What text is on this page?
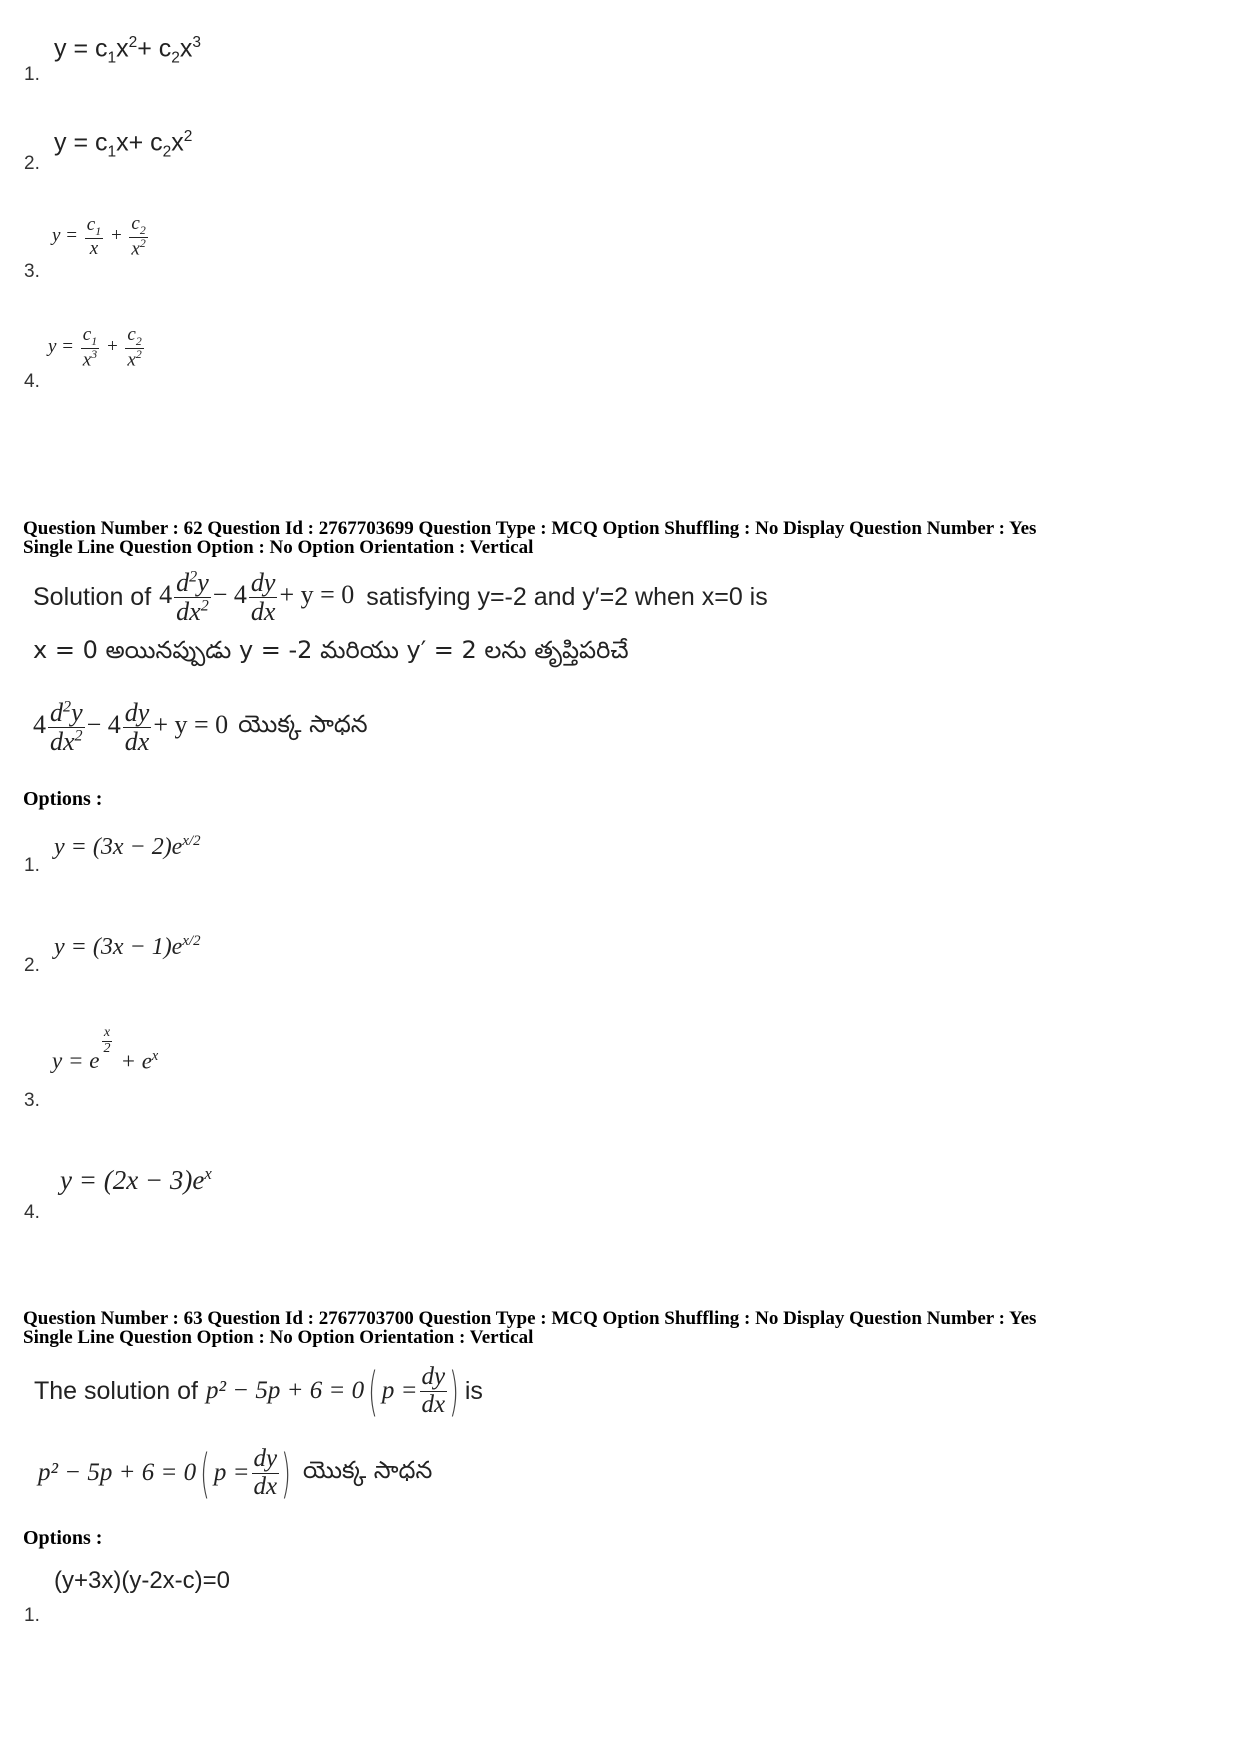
1.
$y = c_1x^2+ c_2x^3$
2.
$y = c_1x+ c_2x^2$
3.
$y = \frac{c_1}{x} + \frac{c_2}{x^2}$
4.
$y = \frac{c_1}{x^3} + \frac{c_2}{x^2}$
Question Number : 62 Question Id : 2767703699 Question Type : MCQ Option Shuffling : No Display Question Number : Yes
Single Line Question Option : No Option Orientation : Vertical
Solution of $4 \frac{d^2y}{dx^2} - 4 \frac{dy}{dx} + y = 0$ satisfying y=-2 and y′=2 when x=0 is
x = 0 అయినప్పుడు y = -2 మరియు y′ = 2 లను తృప్తిపరిచే
$4 \frac{d^2y}{dx^2} - 4 \frac{dy}{dx} + y = 0$ యొక్క సాధన
Options :
1.
$y = (3x - 2)e^{x/2}$
2.
$y = (3x - 1)e^{x/2}$
3.
y = e
$\frac{x}{2}$
+ $e^x$
4.
$y = (2x - 3)e^x$
Question Number : 63 Question Id : 2767703700 Question Type : MCQ Option Shuffling : No Display Question Number : Yes
Single Line Question Option : No Option Orientation : Vertical
The solution of p² − 5p + 6 = 0 ( $p = \frac{dy}{dx}$ ) is
p² − 5p + 6 = 0 ( $p = \frac{dy}{dx}$ ) యొక్క సాధన
Options :
1.
(y+3x)(y-2x-c)=0
